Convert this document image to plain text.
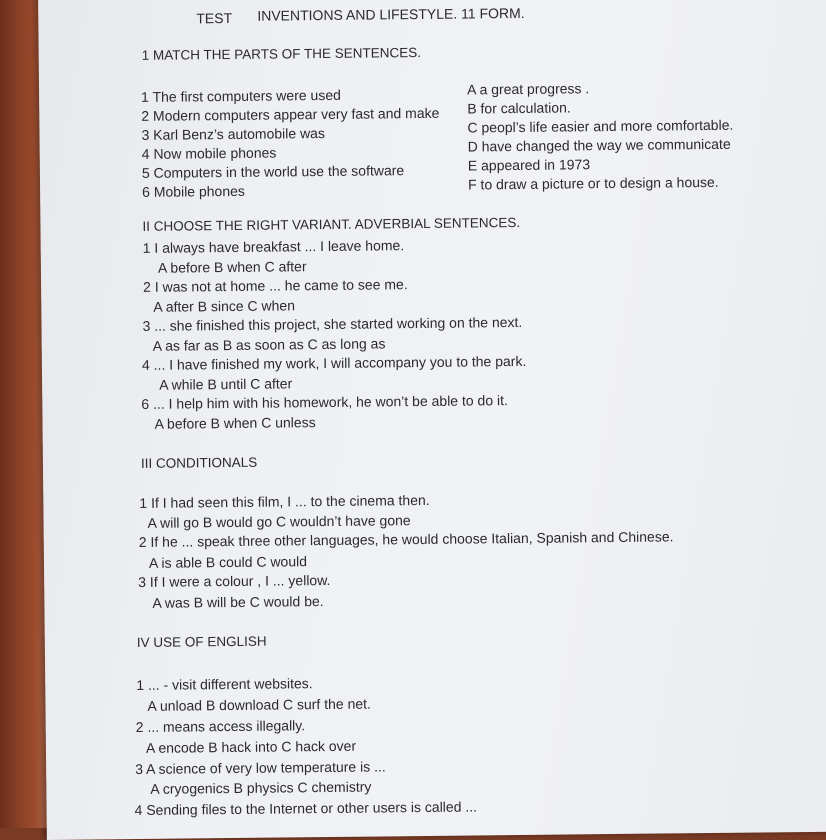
TEST INVENTIONS AND LIFESTYLE. 11 FORM.
1 MATCH THE PARTS OF THE SENTENCES.
1 The first computers were used
2 Modern computers appear very fast and make
3 Karl Benz’s automobile was
4 Now mobile phones
5 Computers in the world use the software
6 Mobile phones
A a great progress .
B for calculation.
C peopl’s life easier and more comfortable.
D have changed the way we communicate
E appeared in 1973
F to draw a picture or to design a house.
II CHOOSE THE RIGHT VARIANT. ADVERBIAL SENTENCES.
1 I always have breakfast ... I leave home.
A before B when C after
2 I was not at home ... he came to see me.
A after B since C when
3 ... she finished this project, she started working on the next.
A as far as B as soon as C as long as
4 ... I have finished my work, I will accompany you to the park.
A while B until C after
6 ... I help him with his homework, he won’t be able to do it.
A before B when C unless
III CONDITIONALS
1 If I had seen this film, I ... to the cinema then.
A will go B would go C wouldn’t have gone
2 If he ... speak three other languages, he would choose Italian, Spanish and Chinese.
A is able B could C would
3 If I were a colour , I ... yellow.
A was B will be C would be.
IV USE OF ENGLISH
1 ... - visit different websites.
A unload B download C surf the net.
2 ... means access illegally.
A encode B hack into C hack over
3 A science of very low temperature is ...
A cryogenics B physics C chemistry
4 Sending files to the Internet or other users is called ...
